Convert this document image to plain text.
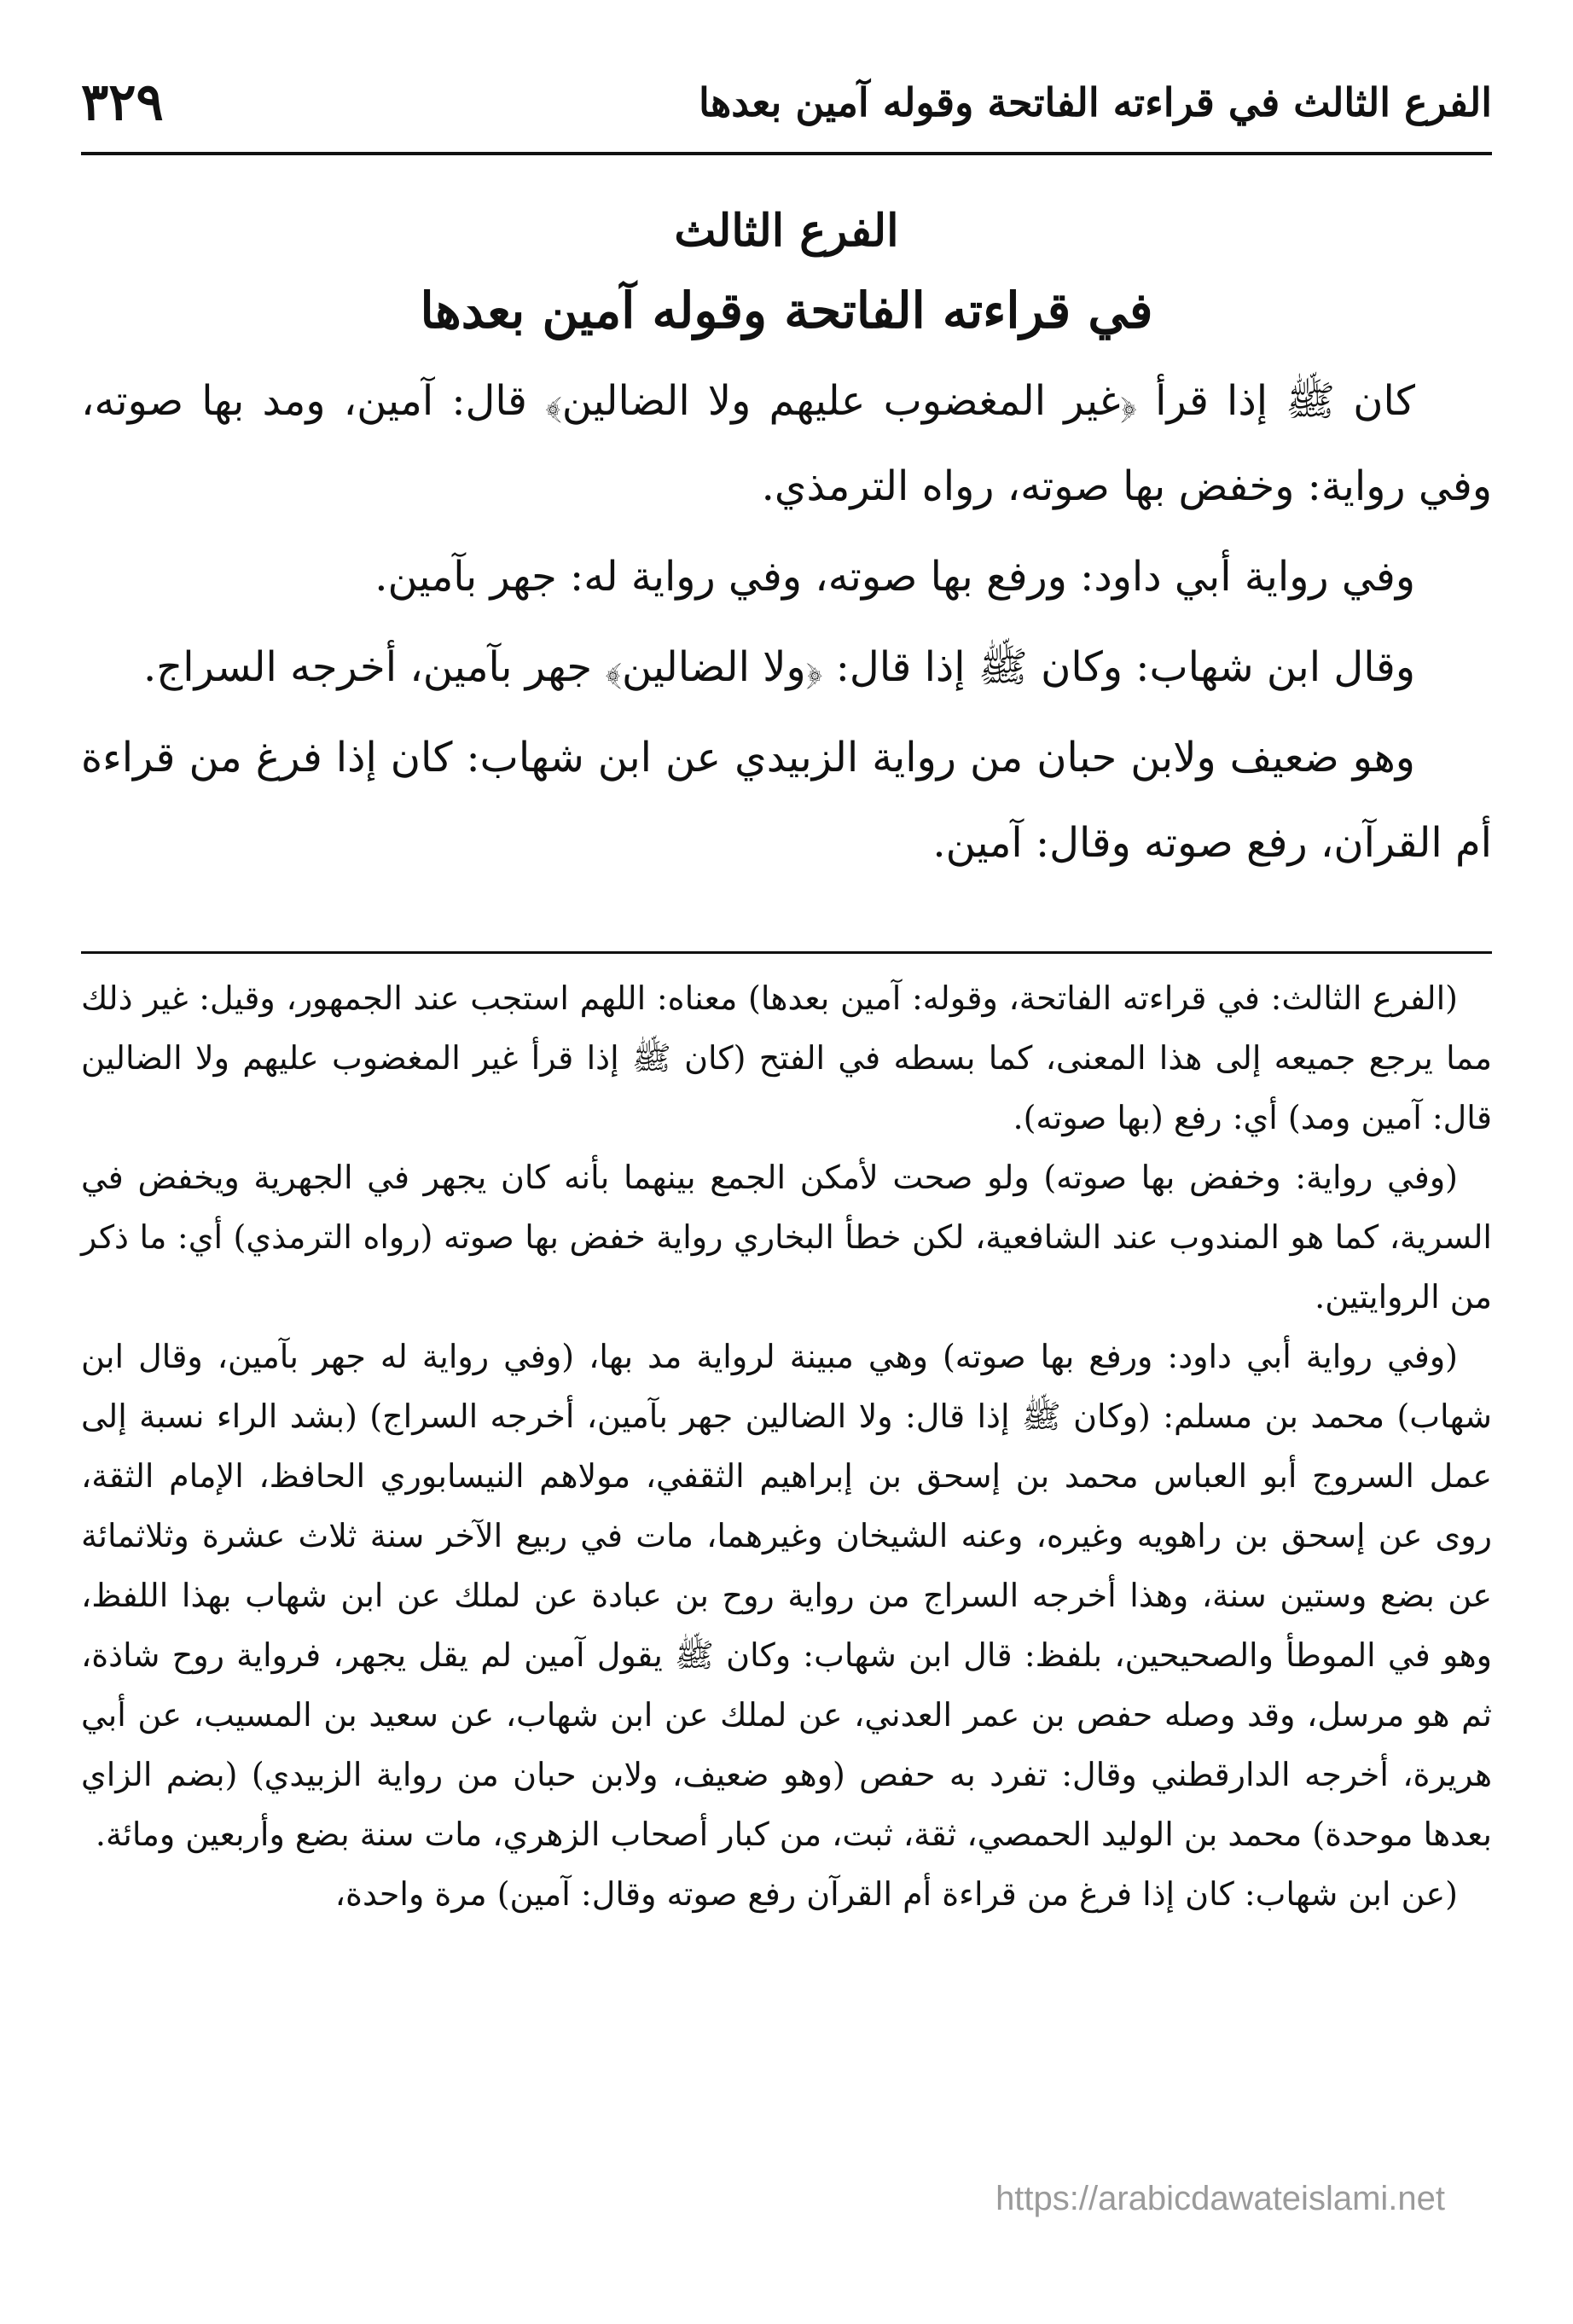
الفرع الثالث في قراءته الفاتحة وقوله آمين بعدها
٣٢٩
الفرع الثالث
في قراءته الفاتحة وقوله آمين بعدها

كان ﷺ إذا قرأ ﴿غير المغضوب عليهم ولا الضالين﴾ قال: آمين، ومد بها صوته، وفي رواية: وخفض بها صوته، رواه الترمذي.

وفي رواية أبي داود: ورفع بها صوته، وفي رواية له: جهر بآمين.

وقال ابن شهاب: وكان ﷺ إذا قال: ﴿ولا الضالين﴾ جهر بآمين، أخرجه السراج.

وهو ضعيف ولابن حبان من رواية الزبيدي عن ابن شهاب: كان إذا فرغ من قراءة أم القرآن، رفع صوته وقال: آمين.

(الفرع الثالث: في قراءته الفاتحة، وقوله: آمين بعدها) معناه: اللهم استجب عند الجمهور، وقيل: غير ذلك مما يرجع جميعه إلى هذا المعنى، كما بسطه في الفتح (كان ﷺ إذا قرأ غير المغضوب عليهم ولا الضالين قال: آمين ومد) أي: رفع (بها صوته).

(وفي رواية: وخفض بها صوته) ولو صحت لأمكن الجمع بينهما بأنه كان يجهر في الجهرية ويخفض في السرية، كما هو المندوب عند الشافعية، لكن خطأ البخاري رواية خفض بها صوته (رواه الترمذي) أي: ما ذكر من الروايتين.

(وفي رواية أبي داود: ورفع بها صوته) وهي مبينة لرواية مد بها، (وفي رواية له جهر بآمين، وقال ابن شهاب) محمد بن مسلم: (وكان ﷺ إذا قال: ولا الضالين جهر بآمين، أخرجه السراج) (بشد الراء نسبة إلى عمل السروج أبو العباس محمد بن إسحق بن إبراهيم الثقفي، مولاهم النيسابوري الحافظ، الإمام الثقة، روى عن إسحق بن راهويه وغيره، وعنه الشيخان وغيرهما، مات في ربيع الآخر سنة ثلاث عشرة وثلاثمائة عن بضع وستين سنة، وهذا أخرجه السراج من رواية روح بن عبادة عن لملك عن ابن شهاب بهذا اللفظ، وهو في الموطأ والصحيحين، بلفظ: قال ابن شهاب: وكان ﷺ يقول آمين لم يقل يجهر، فرواية روح شاذة، ثم هو مرسل، وقد وصله حفص بن عمر العدني، عن لملك عن ابن شهاب، عن سعيد بن المسيب، عن أبي هريرة، أخرجه الدارقطني وقال: تفرد به حفص (وهو ضعيف، ولابن حبان من رواية الزبيدي) (بضم الزاي بعدها موحدة) محمد بن الوليد الحمصي، ثقة، ثبت، من كبار أصحاب الزهري، مات سنة بضع وأربعين ومائة.

(عن ابن شهاب: كان إذا فرغ من قراءة أم القرآن رفع صوته وقال: آمين) مرة واحدة،

https://arabicdawateislami.net
